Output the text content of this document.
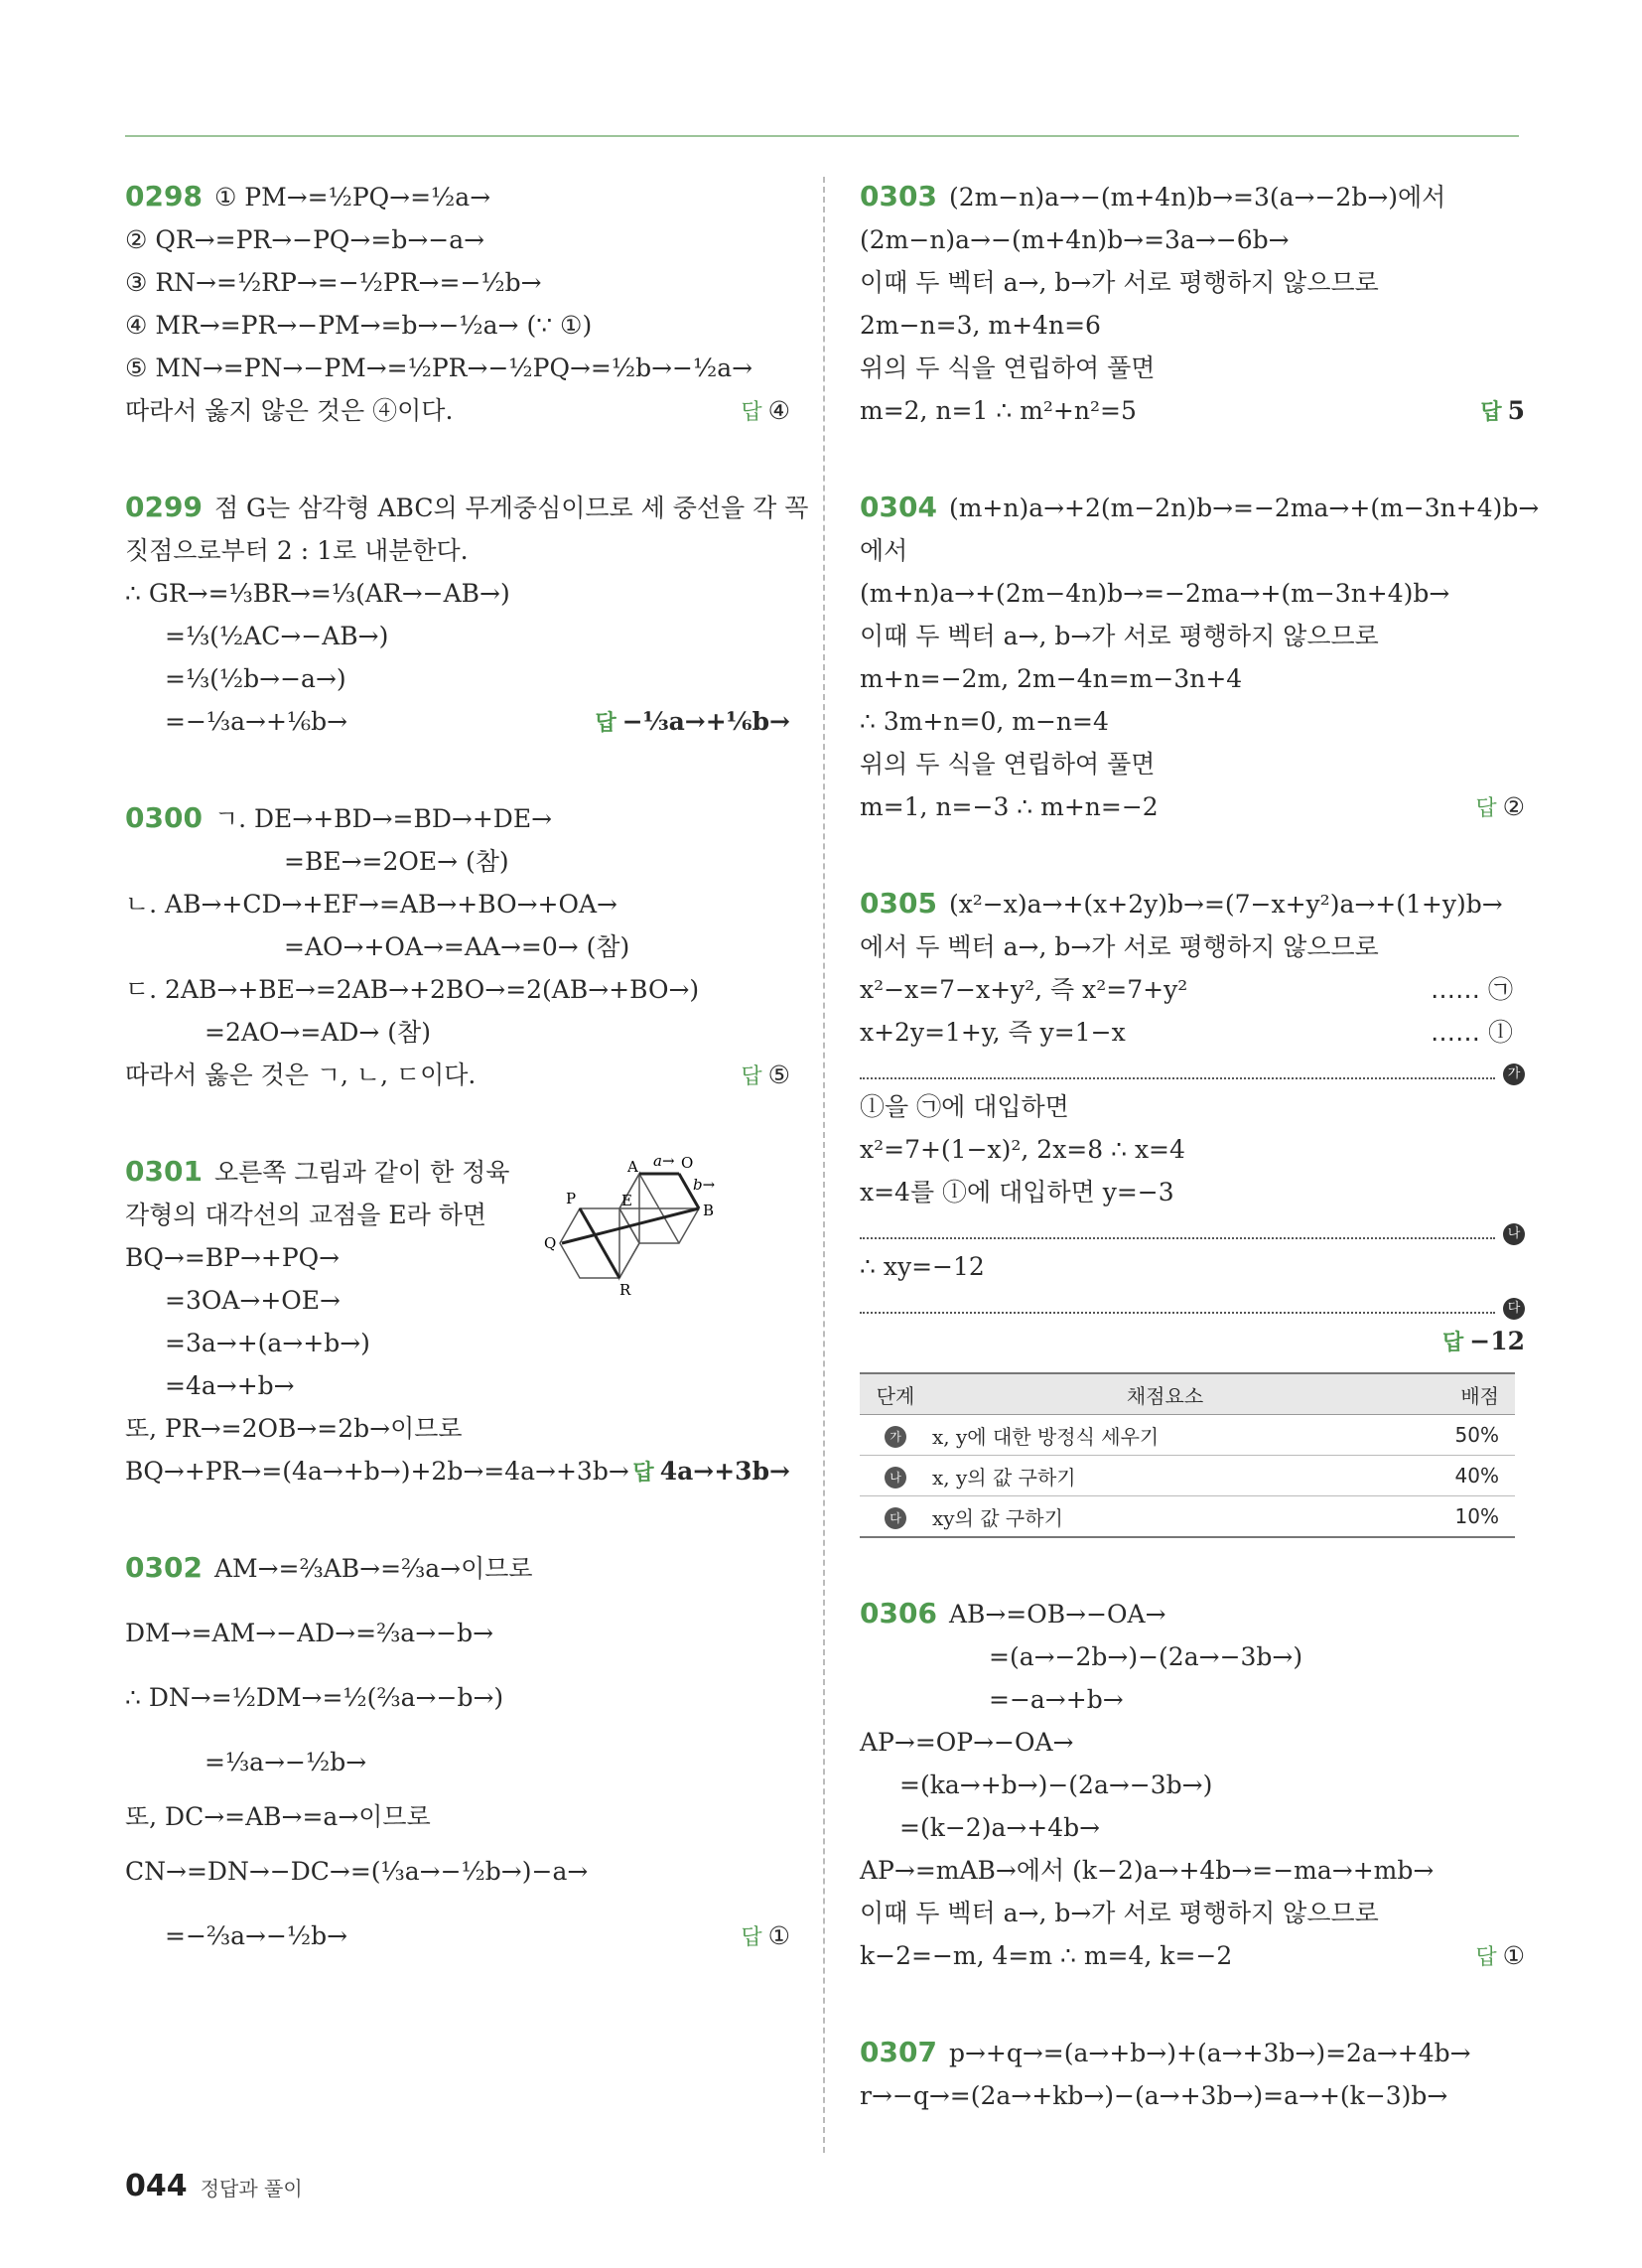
0298 ① PM→=½PQ→=½a→
② QR→=PR→−PQ→=b→−a→
③ RN→=½RP→=−½PR→=−½b→
④ MR→=PR→−PM→=b→−½a→ (∵ ①)
⑤ MN→=PN→−PM→=½PR→−½PQ→=½b→−½a→
따라서 옳지 않은 것은 ④이다.	답 ④
0299 점 G는 삼각형 ABC의 무게중심이므로 세 중선을 각 꼭
짓점으로부터 2 : 1로 내분한다.
∴ GR→=⅓BR→=⅓(AR→−AB→)
=⅓(½AC→−AB→)
=⅓(½b→−a→)
=−⅓a→+⅙b→	답 −⅓a→+⅙b→
0300 ㄱ. DE→+BD→=BD→+DE→
=BE→=2OE→ (참)
ㄴ. AB→+CD→+EF→=AB→+BO→+OA→
=AO→+OA→=AA→=0→ (참)
ㄷ. 2AB→+BE→=2AB→+2BO→=2(AB→+BO→)
=2AO→=AD→ (참)
따라서 옳은 것은 ㄱ, ㄴ, ㄷ이다.	답 ⑤
A	O
P	E
B
Q
R
a→
b→
0301 오른쪽 그림과 같이 한 정육
각형의 대각선의 교점을 E라 하면
BQ→=BP→+PQ→
=3OA→+OE→
=3a→+(a→+b→)
=4a→+b→
또, PR→=2OB→=2b→이므로
BQ→+PR→=(4a→+b→)+2b→=4a→+3b→ 답 4a→+3b→
0302 AM→=⅔AB→=⅔a→이므로
DM→=AM→−AD→=⅔a→−b→
∴ DN→=½DM→=½(⅔a→−b→)
=⅓a→−½b→
또, DC→=AB→=a→이므로
CN→=DN→−DC→=(⅓a→−½b→)−a→
=−⅔a→−½b→	답 ①
0303 (2m−n)a→−(m+4n)b→=3(a→−2b→)에서
(2m−n)a→−(m+4n)b→=3a→−6b→
이때 두 벡터 a→, b→가 서로 평행하지 않으므로
2m−n=3, m+4n=6
위의 두 식을 연립하여 풀면
m=2, n=1 ∴ m²+n²=5	답 5
0304 (m+n)a→+2(m−2n)b→=−2ma→+(m−3n+4)b→
에서
(m+n)a→+(2m−4n)b→=−2ma→+(m−3n+4)b→
이때 두 벡터 a→, b→가 서로 평행하지 않으므로
m+n=−2m, 2m−4n=m−3n+4
∴ 3m+n=0, m−n=4
위의 두 식을 연립하여 풀면
m=1, n=−3 ∴ m+n=−2	답 ②
0305 (x²−x)a→+(x+2y)b→=(7−x+y²)a→+(1+y)b→
에서 두 벡터 a→, b→가 서로 평행하지 않으므로
x²−x=7−x+y², 즉 x²=7+y²	…… ㉠
x+2y=1+y, 즉 y=1−x	…… ⓛ
가
ⓛ을 ㉠에 대입하면
x²=7+(1−x)², 2x=8 ∴ x=4
x=4를 ⓛ에 대입하면 y=−3
나
∴ xy=−12
다
답 −12
단계	채점요소	배점
가	x, y에 대한 방정식 세우기	50%
나	x, y의 값 구하기	40%
다	xy의 값 구하기	10%
0306 AB→=OB→−OA→
=(a→−2b→)−(2a→−3b→)
=−a→+b→
AP→=OP→−OA→
=(ka→+b→)−(2a→−3b→)
=(k−2)a→+4b→
AP→=mAB→에서 (k−2)a→+4b→=−ma→+mb→
이때 두 벡터 a→, b→가 서로 평행하지 않으므로
k−2=−m, 4=m ∴ m=4, k=−2	답 ①
0307 p→+q→=(a→+b→)+(a→+3b→)=2a→+4b→
r→−q→=(2a→+kb→)−(a→+3b→)=a→+(k−3)b→
044 정답과 풀이
